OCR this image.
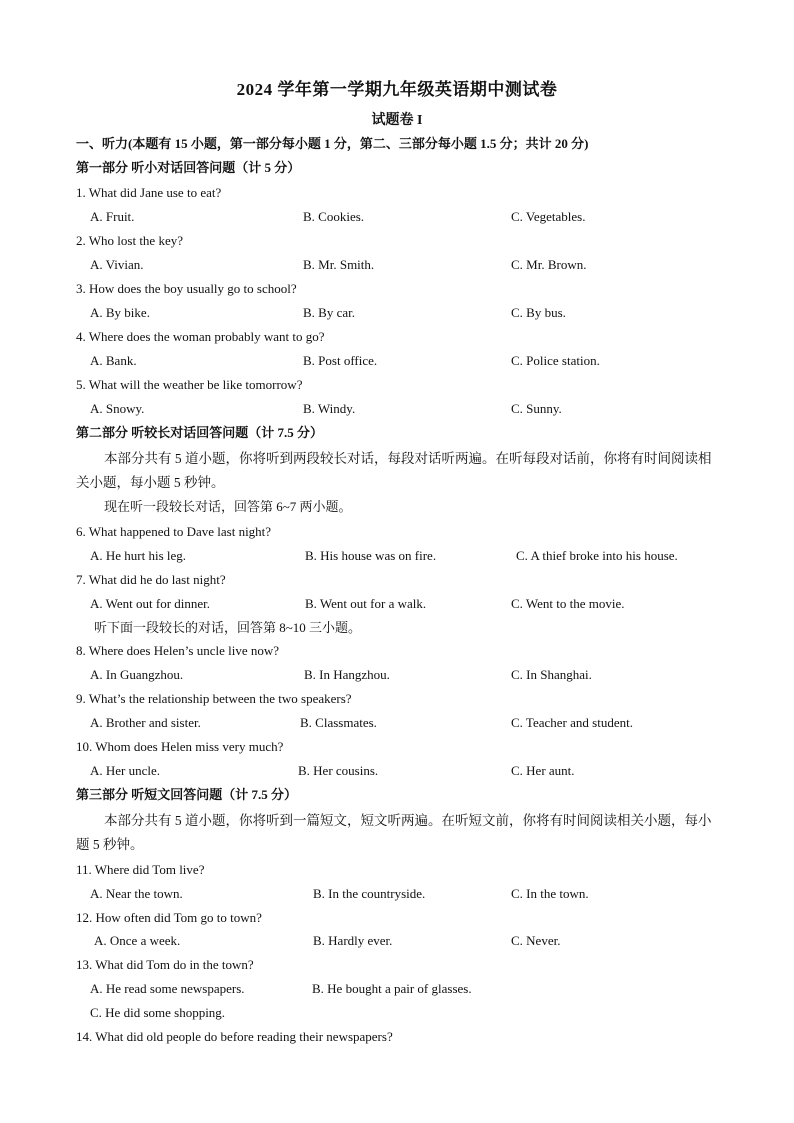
2024 学年第一学期九年级英语期中测试卷
试题卷 I
一、听力(本题有 15 小题，第一部分每小题 1 分，第二、三部分每小题 1.5 分；共计 20 分)
第一部分 听小对话回答问题（计 5 分）
1. What did Jane use to eat?
A. Fruit.	B. Cookies.	C. Vegetables.
2. Who lost the key?
A. Vivian.	B. Mr. Smith.	C. Mr. Brown.
3. How does the boy usually go to school?
A. By bike.	B. By car.	C. By bus.
4. Where does the woman probably want to go?
A. Bank.	B. Post office.	C. Police station.
5. What will the weather be like tomorrow?
A. Snowy.	B. Windy.	C. Sunny.
第二部分 听较长对话回答问题（计 7.5 分）
本部分共有 5 道小题，你将听到两段较长对话，每段对话听两遍。在听每段对话前，你将有时间阅读相关小题，每小题 5 秒钟。
现在听一段较长对话，回答第 6~7 两小题。
6. What happened to Dave last night?
A. He hurt his leg.	B. His house was on fire.	C. A thief broke into his house.
7. What did he do last night?
A. Went out for dinner.	B. Went out for a walk.	C. Went to the movie.
听下面一段较长的对话，回答第 8~10 三小题。
8. Where does Helen’s uncle live now?
A. In Guangzhou.	B. In Hangzhou.	C. In Shanghai.
9. What’s the relationship between the two speakers?
A. Brother and sister.	B. Classmates.	C. Teacher and student.
10. Whom does Helen miss very much?
A. Her uncle.	B. Her cousins.	C. Her aunt.
第三部分 听短文回答问题（计 7.5 分）
本部分共有 5 道小题，你将听到一篇短文，短文听两遍。在听短文前，你将有时间阅读相关小题，每小题 5 秒钟。
11. Where did Tom live?
A. Near the town.	B. In the countryside.	C. In the town.
12. How often did Tom go to town?
A. Once a week.	B. Hardly ever.	C. Never.
13. What did Tom do in the town?
A. He read some newspapers.	B. He bought a pair of glasses.
C. He did some shopping.
14. What did old people do before reading their newspapers?
